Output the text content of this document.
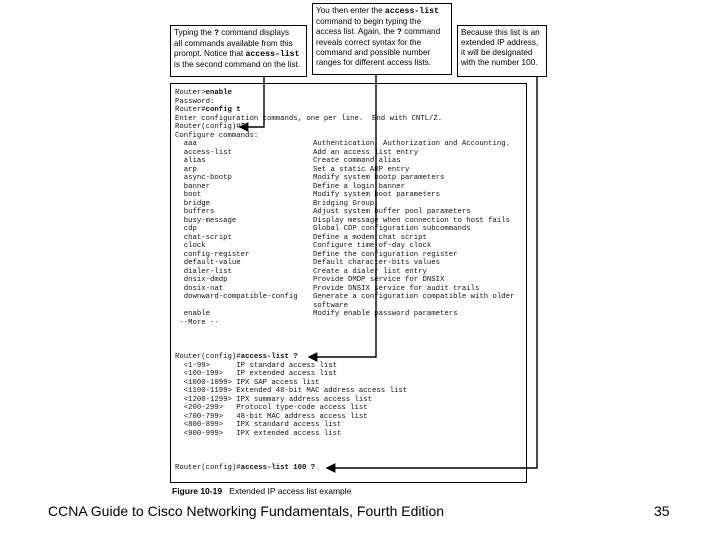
Typing the ? command displays
all commands available from this
prompt. Notice that access-list
is the second command on the list.
You then enter the access-list
command to begin typing the
access list. Again, the ? command
reveals correct syntax for the
command and possible number
ranges for different access lists.
Because this list is an
extended IP address,
it will be designated
with the number 100.
Router>enable
Password:
Router#config t
Enter configuration commands, one per line.  End with CNTL/Z.
Router(config)#?
Configure commands:
aaa	Authentication, Authorization and Accounting.
access-list	Add an access list entry
alias	Create command alias
arp	Set a static ARP entry
async-bootp	Modify system bootp parameters
banner	Define a login banner
boot	Modify system boot parameters
bridge	Bridging Group.
buffers	Adjust system buffer pool parameters
busy-message	Display message when connection to host fails
cdp	Global CDP configuration subcommands
chat-script	Define a modem chat script
clock	Configure time-of-day clock
config-register	Define the configuration register
default-value	Default character-bits values
dialer-list	Create a dialer list entry
dnsix-dmdp	Provide DMDP service for DNSIX
dnsix-nat	Provide DNSIX service for audit trails
downward-compatible-config Generate a configuration compatible with older
software
enable	Modify enable password parameters
--More --
Router(config)#access-list ?
<1-99>      IP standard access list
<100-199>   IP extended access list
<1000-1099> IPX SAP access list
<1100-1199> Extended 48-bit MAC address access list
<1200-1299> IPX summary address access list
<200-299>   Protocol type-code access list
<700-799>   48-bit MAC address access list
<800-899>   IPX standard access list
<900-999>   IPX extended access list
Router(config)#access-list 100 ?
Figure 10-19 Extended IP access list example
CCNA Guide to Cisco Networking Fundamentals, Fourth Edition	35
